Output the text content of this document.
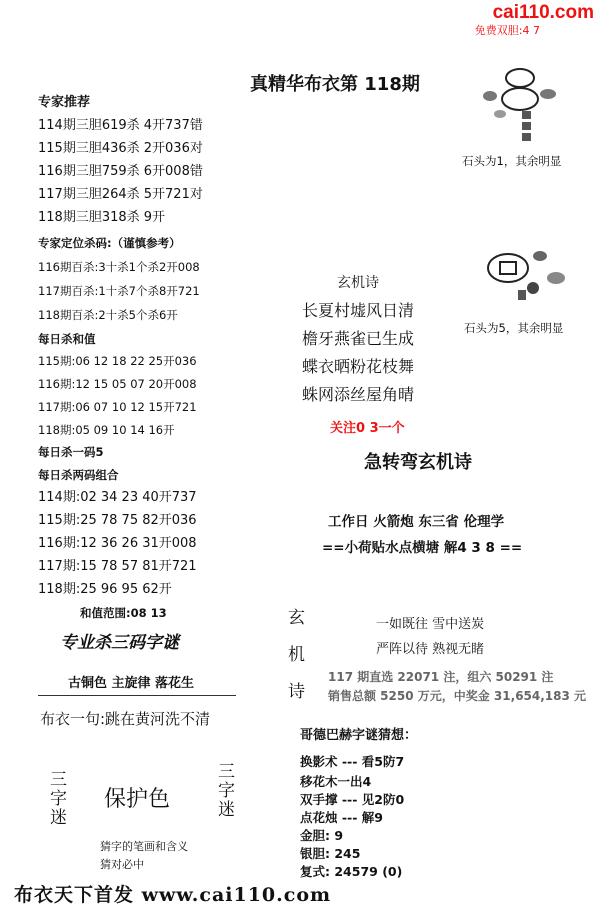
cai110.com
免费双胆:4 7
真精华布衣第 118期
专家推荐
114期三胆619杀 4开737错
115期三胆436杀 2开036对
116期三胆759杀 6开008错
117期三胆264杀 5开721对
118期三胆318杀 9开
专家定位杀码:（谨慎参考）
116期百杀:3十杀1个杀2开008
117期百杀:1十杀7个杀8开721
118期百杀:2十杀5个杀6开
每日杀和值
115期:06 12 18 22 25开036
116期:12 15 05 07 20开008
117期:06 07 10 12 15开721
118期:05 09 10 14 16开
每日杀一码5
每日杀两码组合
114期:02 34 23 40开737
115期:25 78 75 82开036
116期:12 36 26 31开008
117期:15 78 57 81开721
118期:25 96 95 62开
和值范围:08 13
专业杀三码字谜
古铜色 主旋律 落花生
布衣一句:跳在黄河洗不清
三字迷 保护色	三字迷
猜字的笔画和含义
猜对必中
石头为1，其余明显
石头为5，其余明显
玄机诗
长夏村墟风日清
檐牙燕雀已生成
蝶衣晒粉花枝舞
蛛网添丝屋角晴
关注0 3一个
急转弯玄机诗
工作日 火箭炮 东三省 伦理学
==小荷贴水点横塘 解4 3 8 ==
玄
机
诗
一如既往 雪中送炭
严阵以待 熟视无睹
117 期直选 22071 注，组六 50291 注
销售总额 5250 万元，中奖金 31,654,183 元
哥德巴赫字谜猜想：
换影术 --- 看5防7
移花木一出4
双手撑 --- 见2防0
点花烛 --- 解9
金胆: 9
银胆: 245
复式: 24579 (0)
布衣天下首发 www.cai110.com
